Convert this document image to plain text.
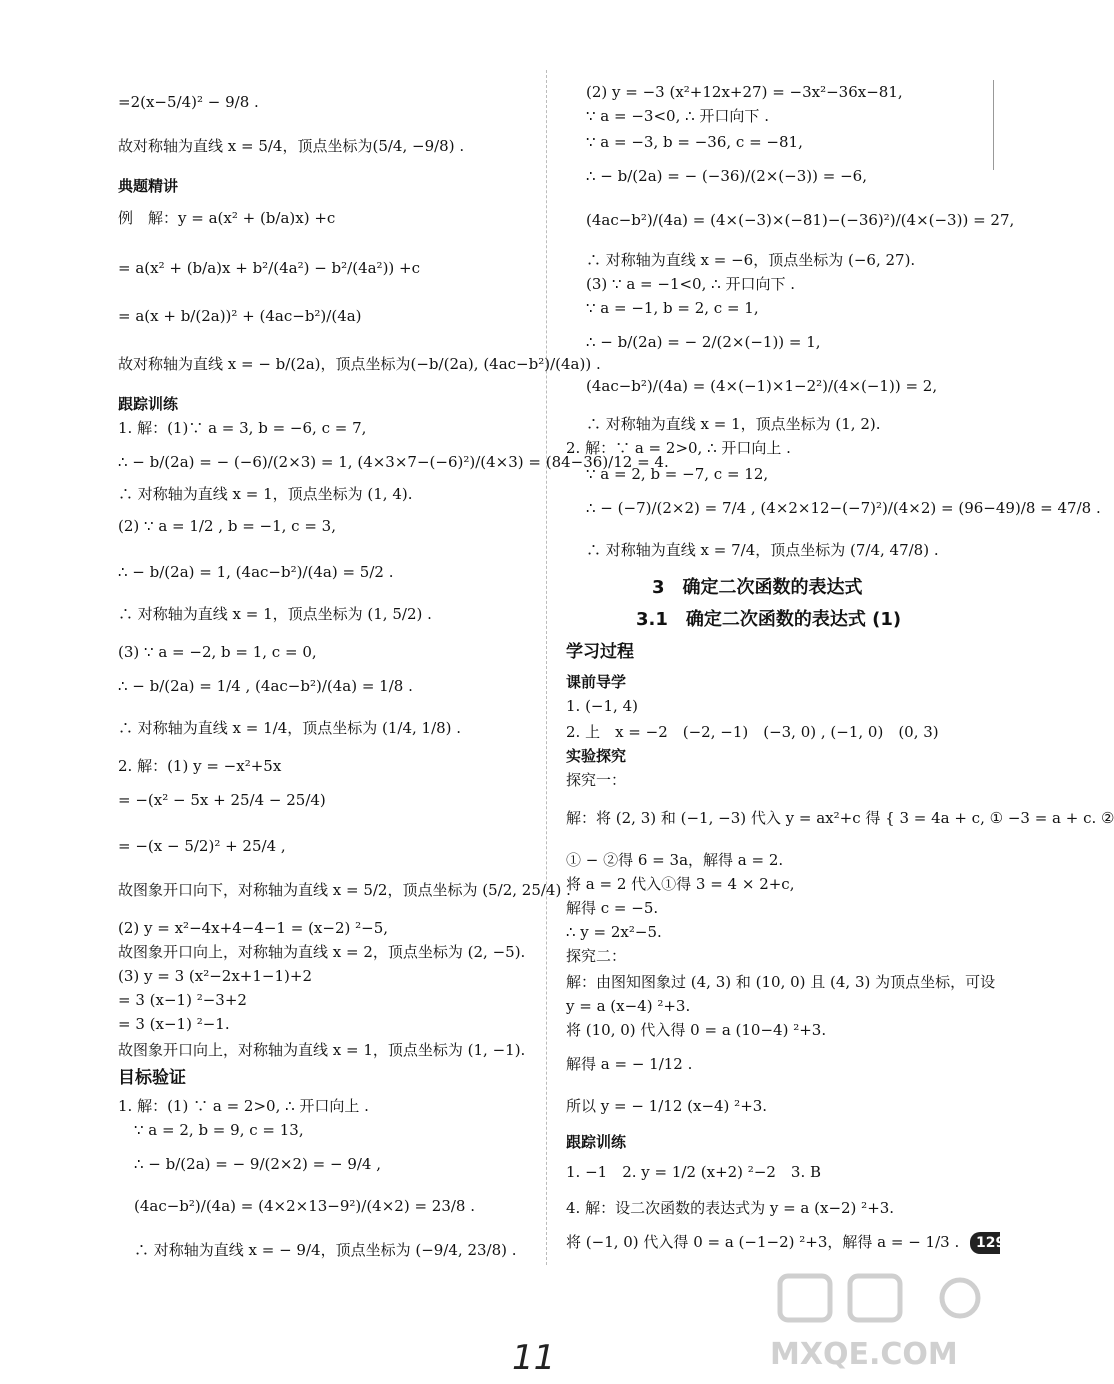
=2(x−5/4)² − 9/8 .
故对称轴为直线 x = 5/4，顶点坐标为(5/4, −9/8) .
典题精讲
例　解：y = a(x² + (b/a)x) +c
= a(x² + (b/a)x + b²/(4a²) − b²/(4a²)) +c
= a(x + b/(2a))² + (4ac−b²)/(4a)
故对称轴为直线 x = − b/(2a)，顶点坐标为(−b/(2a), (4ac−b²)/(4a)) .
跟踪训练
1. 解：(1)∵ a = 3, b = −6, c = 7,
∴ − b/(2a) = − (−6)/(2×3) = 1, (4×3×7−(−6)²)/(4×3) = (84−36)/12 = 4.
∴ 对称轴为直线 x = 1，顶点坐标为 (1, 4).
(2) ∵ a = 1/2 , b = −1, c = 3,
∴ − b/(2a) = 1, (4ac−b²)/(4a) = 5/2 .
∴ 对称轴为直线 x = 1，顶点坐标为 (1, 5/2) .
(3) ∵ a = −2, b = 1, c = 0,
∴ − b/(2a) = 1/4 , (4ac−b²)/(4a) = 1/8 .
∴ 对称轴为直线 x = 1/4，顶点坐标为 (1/4, 1/8) .
2. 解：(1) y = −x²+5x
= −(x² − 5x + 25/4 − 25/4)
= −(x − 5/2)² + 25/4 ,
故图象开口向下，对称轴为直线 x = 5/2，顶点坐标为 (5/2, 25/4) .
(2) y = x²−4x+4−4−1 = (x−2) ²−5,
故图象开口向上，对称轴为直线 x = 2，顶点坐标为 (2, −5).
(3) y = 3 (x²−2x+1−1)+2
= 3 (x−1) ²−3+2
= 3 (x−1) ²−1.
故图象开口向上，对称轴为直线 x = 1，顶点坐标为 (1, −1).
目标验证
1. 解：(1) ∵ a = 2>0, ∴ 开口向上 .
∵ a = 2, b = 9, c = 13,
∴ − b/(2a) = − 9/(2×2) = − 9/4 ,
(4ac−b²)/(4a) = (4×2×13−9²)/(4×2) = 23/8 .
∴ 对称轴为直线 x = − 9/4，顶点坐标为 (−9/4, 23/8) .
(2) y = −3 (x²+12x+27) = −3x²−36x−81,
∵ a = −3<0, ∴ 开口向下 .
∵ a = −3, b = −36, c = −81,
∴ − b/(2a) = − (−36)/(2×(−3)) = −6,
(4ac−b²)/(4a) = (4×(−3)×(−81)−(−36)²)/(4×(−3)) = 27,
∴ 对称轴为直线 x = −6，顶点坐标为 (−6, 27).
(3) ∵ a = −1<0, ∴ 开口向下 .
∵ a = −1, b = 2, c = 1,
∴ − b/(2a) = − 2/(2×(−1)) = 1,
(4ac−b²)/(4a) = (4×(−1)×1−2²)/(4×(−1)) = 2,
∴ 对称轴为直线 x = 1，顶点坐标为 (1, 2).
2. 解：∵ a = 2>0, ∴ 开口向上 .
∵ a = 2, b = −7, c = 12,
∴ − (−7)/(2×2) = 7/4 , (4×2×12−(−7)²)/(4×2) = (96−49)/8 = 47/8 .
∴ 对称轴为直线 x = 7/4，顶点坐标为 (7/4, 47/8) .
3　确定二次函数的表达式
3.1　确定二次函数的表达式 (1)
学习过程
课前导学
1. (−1, 4)
2. 上　x = −2　(−2, −1)　(−3, 0) , (−1, 0)　(0, 3)
实验探究
探究一：
解：将 (2, 3) 和 (−1, −3) 代入 y = ax²+c 得 { 3 = 4a + c, ① −3 = a + c. ②
① − ②得 6 = 3a，解得 a = 2.
将 a = 2 代入①得 3 = 4 × 2+c,
解得 c = −5.
∴ y = 2x²−5.
探究二：
解：由图知图象过 (4, 3) 和 (10, 0) 且 (4, 3) 为顶点坐标，可设
y = a (x−4) ²+3.
将 (10, 0) 代入得 0 = a (10−4) ²+3.
解得 a = − 1/12 .
所以 y = − 1/12 (x−4) ²+3.
跟踪训练
1. −1　2. y = 1/2 (x+2) ²−2　3. B
4. 解：设二次函数的表达式为 y = a (x−2) ²+3.
将 (−1, 0) 代入得 0 = a (−1−2) ²+3，解得 a = − 1/3 .	129
11	MXQE.COM
